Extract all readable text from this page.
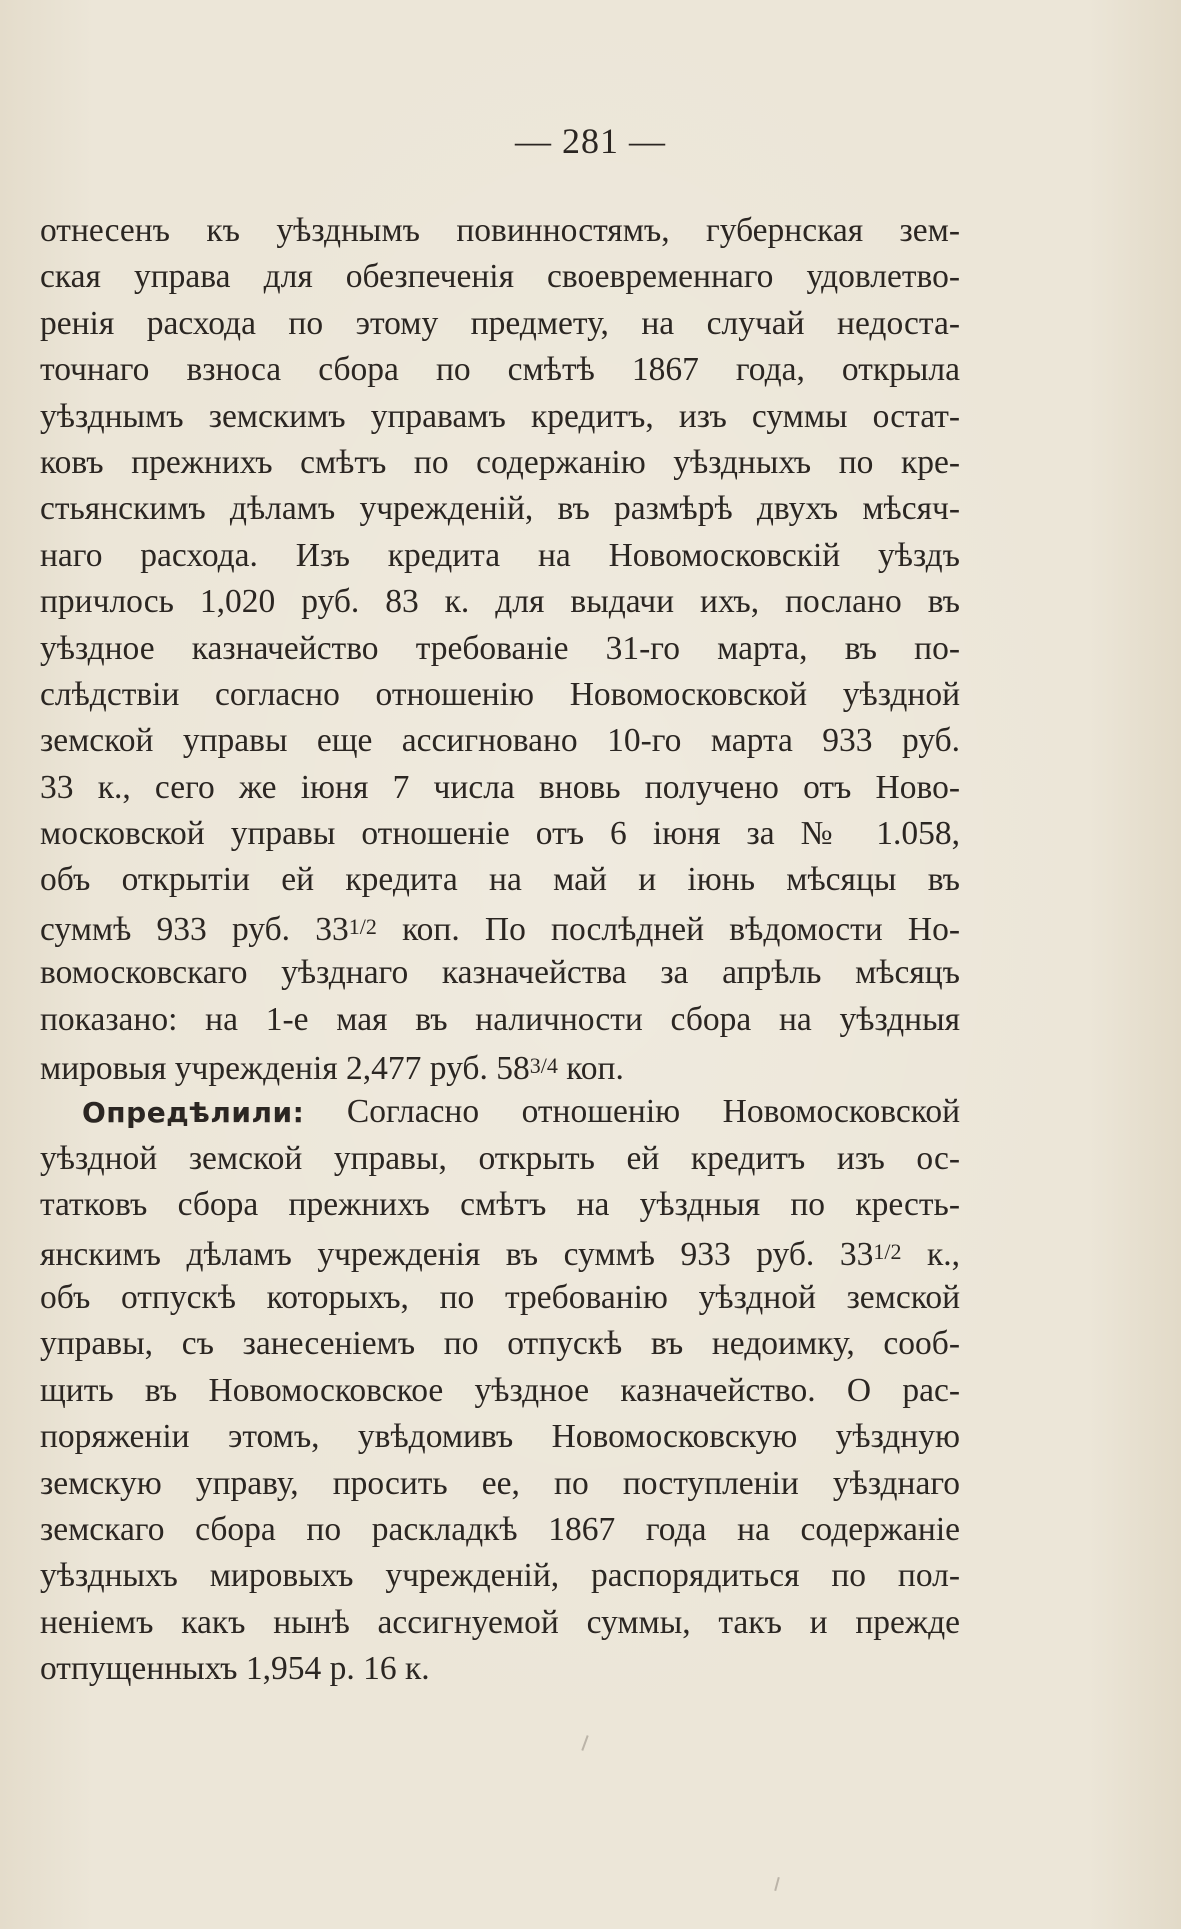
— 281 —
отнесенъ къ уѣзднымъ повинностямъ, губернская зем-
ская управа для обезпеченія своевременнаго удовлетво-
ренія расхода по этому предмету, на случай недоста-
точнаго взноса сбора по смѣтѣ 1867 года, открыла
уѣзднымъ земскимъ управамъ кредитъ, изъ суммы остат-
ковъ прежнихъ смѣтъ по содержанію уѣздныхъ по кре-
стьянскимъ дѣламъ учрежденій, въ размѣрѣ двухъ мѣсяч-
наго расхода. Изъ кредита на Новомосковскій уѣздъ
причлось 1,020 руб. 83 к. для выдачи ихъ, послано въ
уѣздное казначейство требованіе 31-го марта, въ по-
слѣдствіи согласно отношенію Новомосковской уѣздной
земской управы еще ассигновано 10-го марта 933 руб.
33 к., сего же іюня 7 числа вновь получено отъ Ново-
московской управы отношеніе отъ 6 іюня за № 1.058,
объ открытіи ей кредита на май и іюнь мѣсяцы въ
суммѣ 933 руб. 331/2 коп. По послѣдней вѣдомости Но-
вомосковскаго уѣзднаго казначейства за апрѣль мѣсяцъ
показано: на 1-е мая въ наличности сбора на уѣздныя
мировыя учрежденія 2,477 руб. 583/4 коп.
Опредѣлили: Согласно отношенію Новомосковской
уѣздной земской управы, открыть ей кредитъ изъ ос-
татковъ сбора прежнихъ смѣтъ на уѣздныя по кресть-
янскимъ дѣламъ учрежденія въ суммѣ 933 руб. 331/2 к.,
объ отпускѣ которыхъ, по требованію уѣздной земской
управы, съ занесеніемъ по отпускѣ въ недоимку, сооб-
щить въ Новомосковское уѣздное казначейство. О рас-
поряженіи этомъ, увѣдомивъ Новомосковскую уѣздную
земскую управу, просить ее, по поступленіи уѣзднаго
земскаго сбора по раскладкѣ 1867 года на содержаніе
уѣздныхъ мировыхъ учрежденій, распорядиться по пол-
неніемъ какъ нынѣ ассигнуемой суммы, такъ и прежде
отпущенныхъ 1,954 р. 16 к.
